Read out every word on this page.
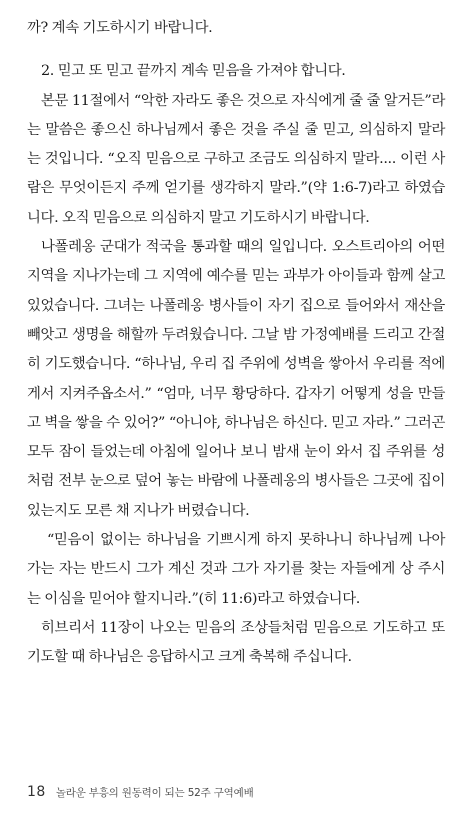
까? 계속 기도하시기 바랍니다.

2. 믿고 또 믿고 끝까지 계속 믿음을 가져야 합니다.

본문 11절에서 “악한 자라도 좋은 것으로 자식에게 줄 줄 알거든”라는 말씀은 좋으신 하나님께서 좋은 것을 주실 줄 믿고, 의심하지 말라는 것입니다. “오직 믿음으로 구하고 조금도 의심하지 말라.... 이런 사람은 무엇이든지 주께 얻기를 생각하지 말라.”(약 1:6-7)라고 하였습니다. 오직 믿음으로 의심하지 말고 기도하시기 바랍니다.

나폴레옹 군대가 적국을 통과할 때의 일입니다. 오스트리아의 어떤 지역을 지나가는데 그 지역에 예수를 믿는 과부가 아이들과 함께 살고 있었습니다. 그녀는 나폴레옹 병사들이 자기 집으로 들어와서 재산을 빼앗고 생명을 해할까 두려웠습니다. 그날 밤 가정예배를 드리고 간절히 기도했습니다. “하나님, 우리 집 주위에 성벽을 쌓아서 우리를 적에게서 지켜주옵소서.” “엄마, 너무 황당하다. 갑자기 어떻게 성을 만들고 벽을 쌓을 수 있어?” “아니야, 하나님은 하신다. 믿고 자라.” 그러곤 모두 잠이 들었는데 아침에 일어나 보니 밤새 눈이 와서 집 주위를 성처럼 전부 눈으로 덮어 놓는 바람에 나폴레옹의 병사들은 그곳에 집이 있는지도 모른 채 지나가 버렸습니다.

“믿음이 없이는 하나님을 기쁘시게 하지 못하나니 하나님께 나아가는 자는 반드시 그가 계신 것과 그가 자기를 찾는 자들에게 상 주시는 이심을 믿어야 할지니라.”(히 11:6)라고 하였습니다.

히브리서 11장이 나오는 믿음의 조상들처럼 믿음으로 기도하고 또 기도할 때 하나님은 응답하시고 크게 축복해 주십니다.

18 놀라운 부흥의 원동력이 되는 52주 구역예배
